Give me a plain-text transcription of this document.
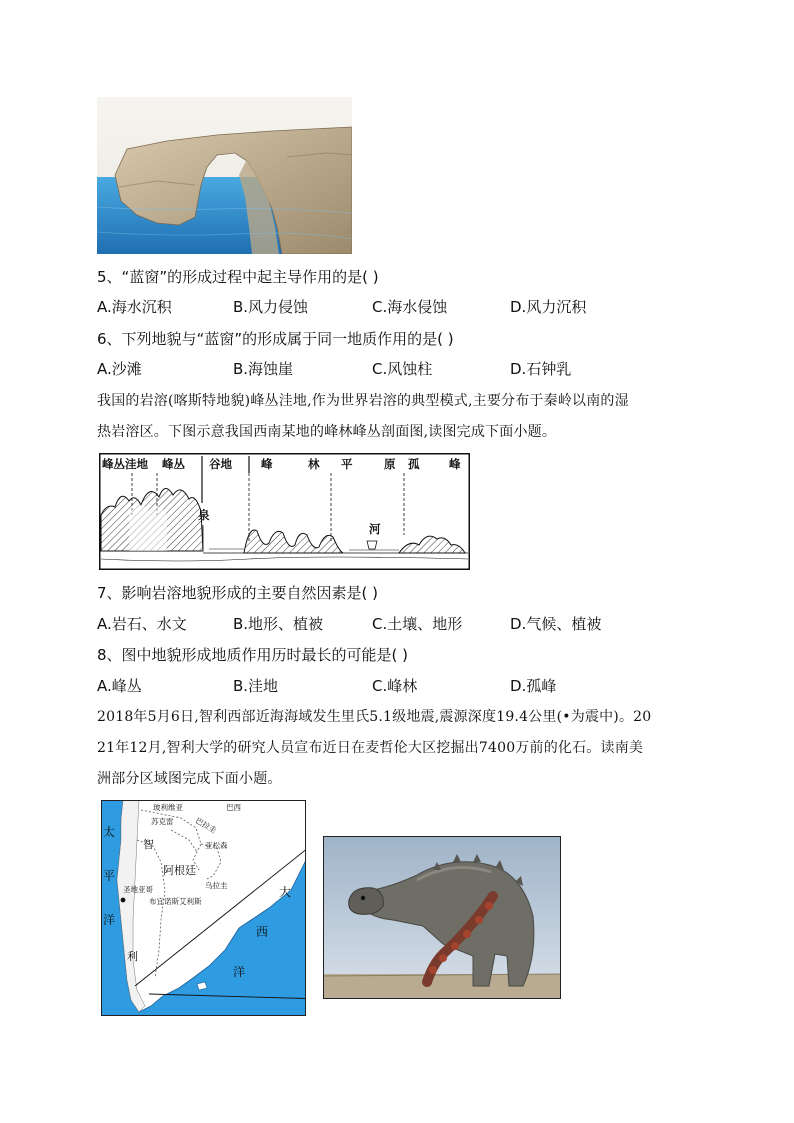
5、“蓝窗”的形成过程中起主导作用的是( )
A.海水沉积	B.风力侵蚀	C.海水侵蚀	D.风力沉积
6、下列地貌与“蓝窗”的形成属于同一地质作用的是( )
A.沙滩	B.海蚀崖	C.风蚀柱	D.石钟乳
我国的岩溶(喀斯特地貌)峰丛洼地,作为世界岩溶的典型模式,主要分布于秦岭以南的湿
热岩溶区。下图示意我国西南某地的峰林峰丛剖面图,读图完成下面小题。
峰丛洼地 峰丛 谷地	峰	林 平	原 孤	峰
泉
河
7、影响岩溶地貌形成的主要自然因素是( )
A.岩石、水文	B.地形、植被	C.土壤、地形	D.气候、植被
8、图中地貌形成地质作用历时最长的可能是( )
A.峰丛	B.洼地	C.峰林	D.孤峰
2018年5月6日,智利西部近海海域发生里氏5.1级地震,震源深度19.4公里(•为震中)。20
21年12月,智利大学的研究人员宣布近日在麦哲伦大区挖掘出7400万前的化石。读南美
洲部分区域图完成下面小题。
玻利维亚	巴西
苏克雷	巴拉圭
亚松森
智
阿根廷
利
乌拉圭
圣地亚哥
布宜诺斯艾利斯
太
平
洋
大
西
洋
